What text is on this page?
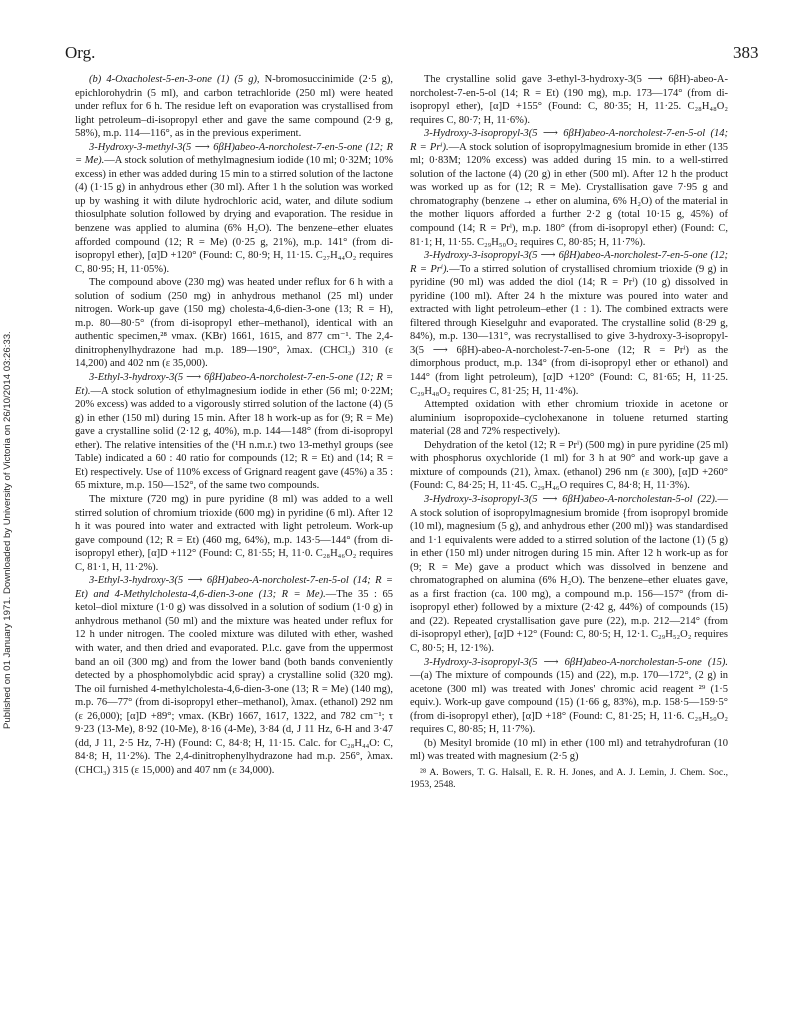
Published on 01 January 1971. Downloaded by University of Victoria on 26/10/2014 03:26:33.
Org.	383

(b) 4-Oxacholest-5-en-3-one (1) (5 g), N-bromosuccinimide (2·5 g), epichlorohydrin (5 ml), and carbon tetrachloride (250 ml) were heated under reflux for 6 h. The residue left on evaporation was crystallised from light petroleum–di-isopropyl ether and gave the same compound (2·9 g, 58%), m.p. 114—116°, as in the previous experiment.

3-Hydroxy-3-methyl-3(5 ⟶ 6βH)abeo-A-norcholest-7-en-5-one (12; R = Me).—A stock solution of methylmagnesium iodide (10 ml; 0·32M; 10% excess) in ether was added during 15 min to a stirred solution of the lactone (4) (1·15 g) in anhydrous ether (30 ml). After 1 h the solution was worked up by washing it with dilute hydrochloric acid, water, and dilute sodium thiosulphate solution followed by drying and evaporation. The residue in benzene was applied to alumina (6% H₂O). The benzene–ether eluates afforded compound (12; R = Me) (0·25 g, 21%), m.p. 141° (from di-isopropyl ether), [α]D +120° (Found: C, 80·9; H, 11·15. C₂₇H₄₄O₂ requires C, 80·95; H, 11·05%).

The compound above (230 mg) was heated under reflux for 6 h with a solution of sodium (250 mg) in anhydrous methanol (25 ml) under nitrogen. Work-up gave (150 mg) cholesta-4,6-dien-3-one (13; R = H), m.p. 80—80·5° (from di-isopropyl ether–methanol), identical with an authentic specimen,²⁸ νmax. (KBr) 1661, 1615, and 877 cm⁻¹. The 2,4-dinitrophenylhydrazone had m.p. 189—190°, λmax. (CHCl₃) 310 (ε 14,200) and 402 nm (ε 35,000).

3-Ethyl-3-hydroxy-3(5 ⟶ 6βH)abeo-A-norcholest-7-en-5-one (12; R = Et).—A stock solution of ethylmagnesium iodide in ether (56 ml; 0·22M; 20% excess) was added to a vigorously stirred solution of the lactone (4) (5 g) in ether (150 ml) during 15 min. After 18 h work-up as for (9; R = Me) gave a crystalline solid (2·12 g, 40%), m.p. 144—148° (from di-isopropyl ether). The relative intensities of the (¹H n.m.r.) two 13-methyl groups (see Table) indicated a 60 : 40 ratio for compounds (12; R = Et) and (14; R = Et) respectively. Use of 110% excess of Grignard reagent gave (45%) a 35 : 65 mixture, m.p. 150—152°, of the same two compounds.

The mixture (720 mg) in pure pyridine (8 ml) was added to a well stirred solution of chromium trioxide (600 mg) in pyridine (6 ml). After 12 h it was poured into water and extracted with light petroleum. Work-up gave compound (12; R = Et) (460 mg, 64%), m.p. 143·5—144° (from di-isopropyl ether), [α]D +112° (Found: C, 81·55; H, 11·0. C₂₈H₄₆O₂ requires C, 81·1, H, 11·2%).

3-Ethyl-3-hydroxy-3(5 ⟶ 6βH)abeo-A-norcholest-7-en-5-ol (14; R = Et) and 4-Methylcholesta-4,6-dien-3-one (13; R = Me).—The 35 : 65 ketol–diol mixture (1·0 g) was dissolved in a solution of sodium (1·0 g) in anhydrous methanol (50 ml) and the mixture was heated under reflux for 12 h under nitrogen. The cooled mixture was diluted with ether, washed with water, and then dried and evaporated. P.l.c. gave from the uppermost band an oil (300 mg) and from the lower band (both bands conveniently detected by a phosphomolybdic acid spray) a crystalline solid (320 mg). The oil furnished 4-methylcholesta-4,6-dien-3-one (13; R = Me) (140 mg), m.p. 76—77° (from di-isopropyl ether–methanol), λmax. (ethanol) 292 nm (ε 26,000); [α]D +89°; νmax. (KBr) 1667, 1617, 1322, and 782 cm⁻¹; τ 9·23 (13-Me), 8·92 (10-Me), 8·16 (4-Me), 3·84 (d, J 11 Hz, 6-H and 3·47 (dd, J 11, 2·5 Hz, 7-H) (Found: C, 84·8; H, 11·15. Calc. for C₂₈H₄₄O: C, 84·8; H, 11·2%). The 2,4-dinitrophenylhydrazone had m.p. 256°, λmax. (CHCl₃) 315 (ε 15,000) and 407 nm (ε 34,000).

The crystalline solid gave 3-ethyl-3-hydroxy-3(5 ⟶ 6βH)-abeo-A-norcholest-7-en-5-ol (14; R = Et) (190 mg), m.p. 173—174° (from di-isopropyl ether), [α]D +155° (Found: C, 80·35; H, 11·25. C₂₈H₄₈O₂ requires C, 80·7; H, 11·6%).

3-Hydroxy-3-isopropyl-3(5 ⟶ 6βH)abeo-A-norcholest-7-en-5-ol (14; R = Prⁱ).—A stock solution of isopropylmagnesium bromide in ether (135 ml; 0·83M; 120% excess) was added during 15 min. to a well-stirred solution of the lactone (4) (20 g) in ether (500 ml). After 12 h the product was worked up as for (12; R = Me). Crystallisation gave 7·95 g and chromatography (benzene → ether on alumina, 6% H₂O) of the material in the mother liquors afforded a further 2·2 g (total 10·15 g, 45%) of compound (14; R = Prⁱ), m.p. 180° (from di-isopropyl ether) (Found: C, 81·1; H, 11·55. C₂₉H₅₀O₂ requires C, 80·85; H, 11·7%).

3-Hydroxy-3-isopropyl-3(5 ⟶ 6βH)abeo-A-norcholest-7-en-5-one (12; R = Prⁱ).—To a stirred solution of crystallised chromium trioxide (9 g) in pyridine (90 ml) was added the diol (14; R = Prⁱ) (10 g) dissolved in pyridine (100 ml). After 24 h the mixture was poured into water and extracted with light petroleum–ether (1 : 1). The combined extracts were filtered through Kieselguhr and evaporated. The crystalline solid (8·29 g, 84%), m.p. 130—131°, was recrystallised to give 3-hydroxy-3-isopropyl-3(5 ⟶ 6βH)-abeo-A-norcholest-7-en-5-one (12; R = Prⁱ) as the dimorphous product, m.p. 134° (from di-isopropyl ether or ethanol) and 144° (from light petroleum), [α]D +120° (Found: C, 81·65; H, 11·25. C₂₉H₄₈O₂ requires C, 81·25; H, 11·4%).

Attempted oxidation with ether chromium trioxide in acetone or aluminium isopropoxide–cyclohexanone in toluene returned starting material (28 and 72% respectively).

Dehydration of the ketol (12; R = Prⁱ) (500 mg) in pure pyridine (25 ml) with phosphorus oxychloride (1 ml) for 3 h at 90° and work-up gave a mixture of compounds (21), λmax. (ethanol) 296 nm (ε 300), [α]D +260° (Found: C, 84·25; H, 11·45. C₂₉H₄₆O requires C, 84·8; H, 11·3%).

3-Hydroxy-3-isopropyl-3(5 ⟶ 6βH)abeo-A-norcholestan-5-ol (22).—A stock solution of isopropylmagnesium bromide {from isopropyl bromide (10 ml), magnesium (5 g), and anhydrous ether (200 ml)} was standardised and 1·1 equivalents were added to a stirred solution of the lactone (1) (5 g) in ether (150 ml) under nitrogen during 15 min. After 12 h work-up as for (9; R = Me) gave a product which was dissolved in benzene and chromatographed on alumina (6% H₂O). The benzene–ether eluates gave, as a first fraction (ca. 100 mg), a compound m.p. 156—157° (from di-isopropyl ether) followed by a mixture (2·42 g, 44%) of compounds (15) and (22). Repeated crystallisation gave pure (22), m.p. 212—214° (from di-isopropyl ether), [α]D +12° (Found: C, 80·5; H, 12·1. C₂₉H₅₂O₂ requires C, 80·5; H, 12·1%).

3-Hydroxy-3-isopropyl-3(5 ⟶ 6βH)abeo-A-norcholestan-5-one (15).—(a) The mixture of compounds (15) and (22), m.p. 170—172°, (2 g) in acetone (300 ml) was treated with Jones' chromic acid reagent ²⁹ (1·5 equiv.). Work-up gave compound (15) (1·66 g, 83%), m.p. 158·5—159·5° (from di-isopropyl ether), [α]D +18° (Found: C, 81·25; H, 11·6. C₂₉H₅₀O₂ requires C, 80·85; H, 11·7%).

(b) Mesityl bromide (10 ml) in ether (100 ml) and tetrahydrofuran (10 ml) was treated with magnesium (2·5 g)

²⁸ A. Bowers, T. G. Halsall, E. R. H. Jones, and A. J. Lemin, J. Chem. Soc., 1953, 2548.
